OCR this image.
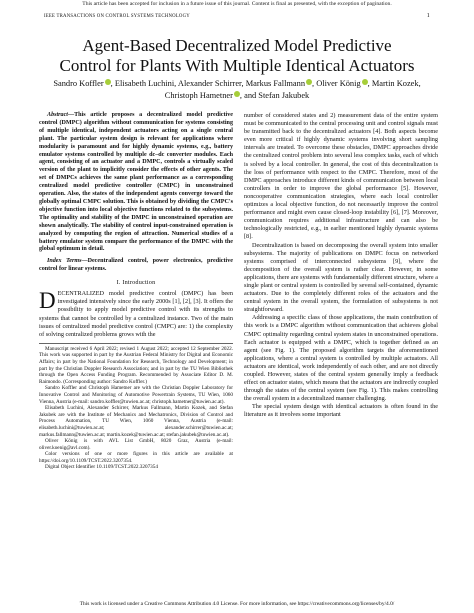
This article has been accepted for inclusion in a future issue of this journal. Content is final as presented, with the exception of pagination.
IEEE TRANSACTIONS ON CONTROL SYSTEMS TECHNOLOGY	1
Agent-Based Decentralized Model Predictive
Control for Plants With Multiple Identical Actuators
Sandro Koffler , Elisabeth Luchini, Alexander Schirrer, Markus Fallmann , Oliver König , Martin Kozek,
Christoph Hametner , and Stefan Jakubek

Abstract—This article proposes a decentralized model predictive control (DMPC) algorithm without communication for systems consisting of multiple identical, independent actuators acting on a single central plant. The particular system design is relevant for applications where modularity is paramount and for highly dynamic systems, e.g., battery emulator systems controlled by multiple dc–dc converter modules. Each agent, consisting of an actuator and a DMPC, controls a virtually scaled version of the plant to implicitly consider the effects of other agents. The set of DMPCs achieves the same plant performance as a corresponding centralized model predictive controller (CMPC) in unconstrained operation. Also, the states of the independent agents converge toward the globally optimal CMPC solution. This is obtained by dividing the CMPC's objective function into local objective functions related to the subsystems. The optimality and stability of the DMPC in unconstrained operation are shown analytically. The stability of control input-constrained operation is analyzed by computing the region of attraction. Numerical studies of a battery emulator system compare the performance of the DMPC with the global optimum in detail.

Index Terms—Decentralized control, power electronics, predictive control for linear systems.

I. Introduction

DECENTRALIZED model predictive control (DMPC) has been investigated intensively since the early 2000s [1], [2], [3]. It offers the possibility to apply model predictive control with its strengths to systems that cannot be controlled by a centralized instance. Two of the main issues of centralized model predictive control (CMPC) are: 1) the complexity of solving centralized problems grows with the

Manuscript received 6 April 2022; revised 1 August 2022; accepted 12 September 2022. This work was supported in part by the Austrian Federal Ministry for Digital and Economic Affairs; in part by the National Foundation for Research, Technology and Development; in part by the Christian Doppler Research Association; and in part by the TU Wien Bibliothek through the Open Access Funding Program. Recommended by Associate Editor D. M. Raimondo. (Corresponding author: Sandro Koffler.)

Sandro Koffler and Christoph Hametner are with the Christian Doppler Laboratory for Innovative Control and Monitoring of Automotive Powertrain Systems, TU Wien, 1060 Vienna, Austria (e-mail: sandro.koffler@tuwien.ac.at; christoph.hametner@tuwien.ac.at).

Elisabeth Luchini, Alexander Schirrer, Markus Fallmann, Martin Kozek, and Stefan Jakubek are with the Institute of Mechanics and Mechatronics, Division of Control and Process Automation, TU Wien, 1060 Vienna, Austria (e-mail: elisabeth.luchini@tuwien.ac.at; alexander.schirrer@tuwien.ac.at; markus.fallmann@tuwien.ac.at; martin.kozek@tuwien.ac.at; stefan.jakubek@tuwien.ac.at).

Oliver König is with AVL List GmbH, 8020 Graz, Austria (e-mail: oliver.koenig@avl.com).

Color versions of one or more figures in this article are available at https://doi.org/10.1109/TCST.2022.3207354.

Digital Object Identifier 10.1109/TCST.2022.3207354

number of considered states and 2) measurement data of the entire system must be communicated to the central processing unit and control signals must be transmitted back to the decentralized actuators [4]. Both aspects become even more critical if highly dynamic systems involving short sampling intervals are treated. To overcome these obstacles, DMPC approaches divide the centralized control problem into several less complex tasks, each of which is solved by a local controller. In general, the cost of this decentralization is the loss of performance with respect to the CMPC. Therefore, most of the DMPC approaches introduce different kinds of communication between local controllers in order to improve the global performance [5]. However, noncooperative communication strategies, where each local controller optimizes a local objective function, do not necessarily improve the control performance and might even cause closed-loop instability [6], [7]. Moreover, communication requires additional infrastructure and can also be technologically restricted, e.g., in earlier mentioned highly dynamic systems [8].

Decentralization is based on decomposing the overall system into smaller subsystems. The majority of publications on DMPC focus on networked systems comprised of interconnected subsystems [9], where the decomposition of the overall system is rather clear. However, in some applications, there are systems with fundamentally different structure, where a single plant or central system is controlled by several self-contained, dynamic actuators. Due to the completely different roles of the actuators and the central system in the overall system, the formulation of subsystems is not straightforward.

Addressing a specific class of those applications, the main contribution of this work is a DMPC algorithm without communication that achieves global CMPC optimality regarding central system states in unconstrained operations. Each actuator is equipped with a DMPC, which is together defined as an agent (see Fig. 1). The proposed algorithm targets the aforementioned applications, where a central system is controlled by multiple actuators. All actuators are identical, work independently of each other, and are not directly coupled. However, states of the central system generally imply a feedback effect on actuator states, which means that the actuators are indirectly coupled through the states of the central system (see Fig. 1). This makes controlling the overall system in a decentralized manner challenging.

The special system design with identical actuators is often found in the literature as it involves some important

This work is licensed under a Creative Commons Attribution 4.0 License. For more information, see https://creativecommons.org/licenses/by/4.0/
